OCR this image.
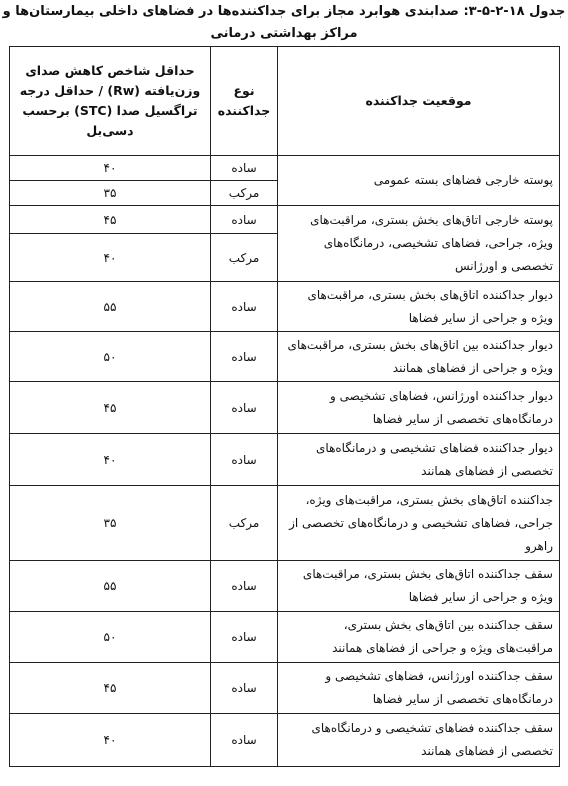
جدول ۱۸-۲-۵-۳: صدابندی هوابرد مجاز برای جداکننده‌ها در فضاهای داخلی بیمارستان‌ها و
مراکز بهداشتی درمانی
موقعیت جداکننده	نوع جداکننده	حداقل شاخص کاهش صدای وزن‌یافته (Rw) / حداقل درجه تراگسیل صدا (STC) برحسب دسی‌بل
پوسته خارجی فضاهای بسته عمومی	ساده	۴۰
	مرکب	۳۵
پوسته خارجی اتاق‌های بخش بستری، مراقبت‌های ویژه، جراحی، فضاهای تشخیصی، درمانگاه‌های تخصصی و اورژانس	ساده	۴۵
	مرکب	۴۰
دیوار جداکننده اتاق‌های بخش بستری، مراقبت‌های ویژه و جراحی از سایر فضاها	ساده	۵۵
دیوار جداکننده بین اتاق‌های بخش بستری، مراقبت‌های ویژه و جراحی از فضاهای همانند	ساده	۵۰
دیوار جداکننده اورژانس، فضاهای تشخیصی و درمانگاه‌های تخصصی از سایر فضاها	ساده	۴۵
دیوار جداکننده فضاهای تشخیصی و درمانگاه‌های تخصصی از فضاهای همانند	ساده	۴۰
جداکننده اتاق‌های بخش بستری، مراقبت‌های ویژه، جراحی، فضاهای تشخیصی و درمانگاه‌های تخصصی از راهرو	مرکب	۳۵
سقف جداکننده اتاق‌های بخش بستری، مراقبت‌های ویژه و جراحی از سایر فضاها	ساده	۵۵
سقف جداکننده بین اتاق‌های بخش بستری، مراقبت‌های ویژه و جراحی از فضاهای همانند	ساده	۵۰
سقف جداکننده اورژانس، فضاهای تشخیصی و درمانگاه‌های تخصصی از سایر فضاها	ساده	۴۵
سقف جداکننده فضاهای تشخیصی و درمانگاه‌های تخصصی از فضاهای همانند	ساده	۴۰
